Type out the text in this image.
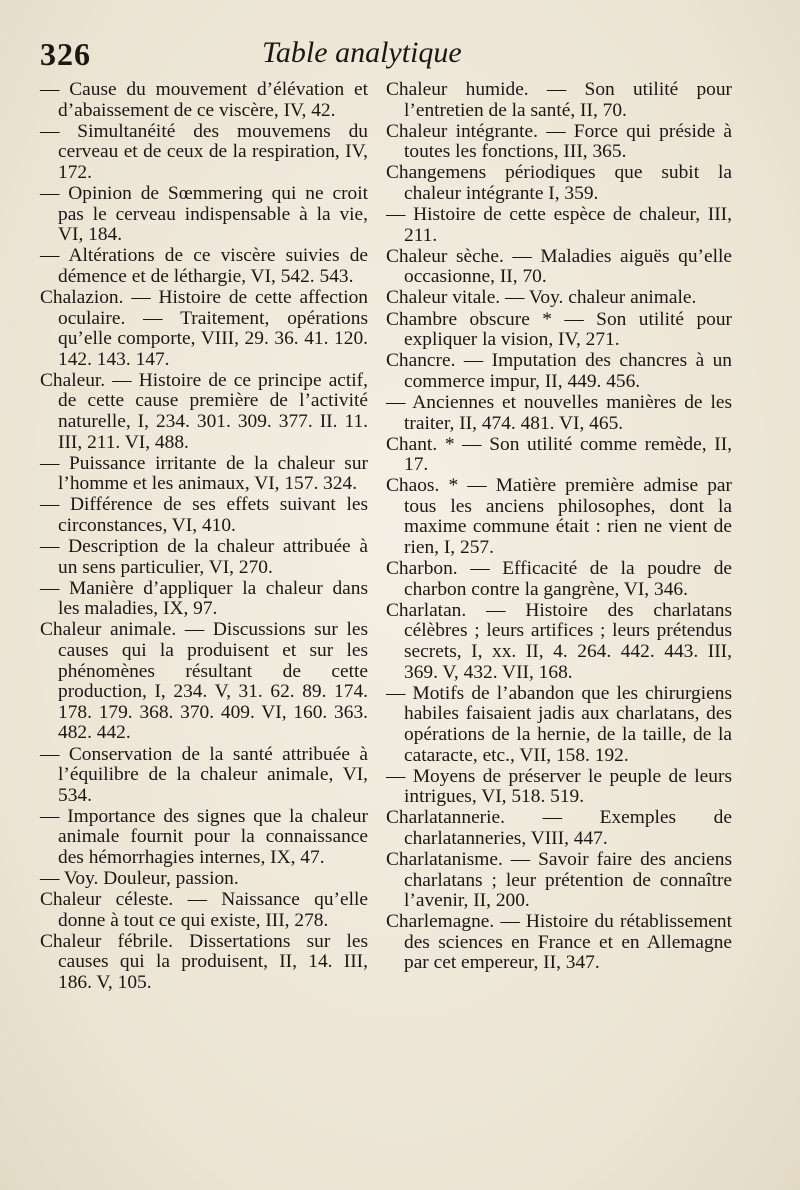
326	Table analytique

— Cause du mouvement d’élévation et d’abaissement de ce viscère, IV, 42.

— Simultanéité des mouvemens du cerveau et de ceux de la respiration, IV, 172.

— Opinion de Sœmmering qui ne croit pas le cerveau indispensable à la vie, VI, 184.

— Altérations de ce viscère suivies de démence et de léthargie, VI, 542. 543.

Chalazion. — Histoire de cette affection oculaire. — Traitement, opérations qu’elle comporte, VIII, 29. 36. 41. 120. 142. 143. 147.

Chaleur. — Histoire de ce principe actif, de cette cause première de l’activité naturelle, I, 234. 301. 309. 377. II. 11. III, 211. VI, 488.

— Puissance irritante de la chaleur sur l’homme et les animaux, VI, 157. 324.

— Différence de ses effets suivant les circonstances, VI, 410.

— Description de la chaleur attribuée à un sens particulier, VI, 270.

— Manière d’appliquer la chaleur dans les maladies, IX, 97.

Chaleur animale. — Discussions sur les causes qui la produisent et sur les phénomènes résultant de cette production, I, 234. V, 31. 62. 89. 174. 178. 179. 368. 370. 409. VI, 160. 363. 482. 442.

— Conservation de la santé attribuée à l’équilibre de la chaleur animale, VI, 534.

— Importance des signes que la chaleur animale fournit pour la connaissance des hémorrhagies internes, IX, 47.

— Voy. Douleur, passion.

Chaleur céleste. — Naissance qu’elle donne à tout ce qui existe, III, 278.

Chaleur fébrile. Dissertations sur les causes qui la produisent, II, 14. III, 186. V, 105.

Chaleur humide. — Son utilité pour l’entretien de la santé, II, 70.

Chaleur intégrante. — Force qui préside à toutes les fonctions, III, 365.

Changemens périodiques que subit la chaleur intégrante I, 359.

— Histoire de cette espèce de chaleur, III, 211.

Chaleur sèche. — Maladies aiguës qu’elle occasionne, II, 70.

Chaleur vitale. — Voy. chaleur animale.

Chambre obscure * — Son utilité pour expliquer la vision, IV, 271.

Chancre. — Imputation des chancres à un commerce impur, II, 449. 456.

— Anciennes et nouvelles manières de les traiter, II, 474. 481. VI, 465.

Chant. * — Son utilité comme remède, II, 17.

Chaos. * — Matière première admise par tous les anciens philosophes, dont la maxime commune était : rien ne vient de rien, I, 257.

Charbon. — Efficacité de la poudre de charbon contre la gangrène, VI, 346.

Charlatan. — Histoire des charlatans célèbres ; leurs artifices ; leurs prétendus secrets, I, xx. II, 4. 264. 442. 443. III, 369. V, 432. VII, 168.

— Motifs de l’abandon que les chirurgiens habiles faisaient jadis aux charlatans, des opérations de la hernie, de la taille, de la cataracte, etc., VII, 158. 192.

— Moyens de préserver le peuple de leurs intrigues, VI, 518. 519.

Charlatannerie. — Exemples de charlatanneries, VIII, 447.

Charlatanisme. — Savoir faire des anciens charlatans ; leur prétention de connaître l’avenir, II, 200.

Charlemagne. — Histoire du rétablissement des sciences en France et en Allemagne par cet empereur, II, 347.
